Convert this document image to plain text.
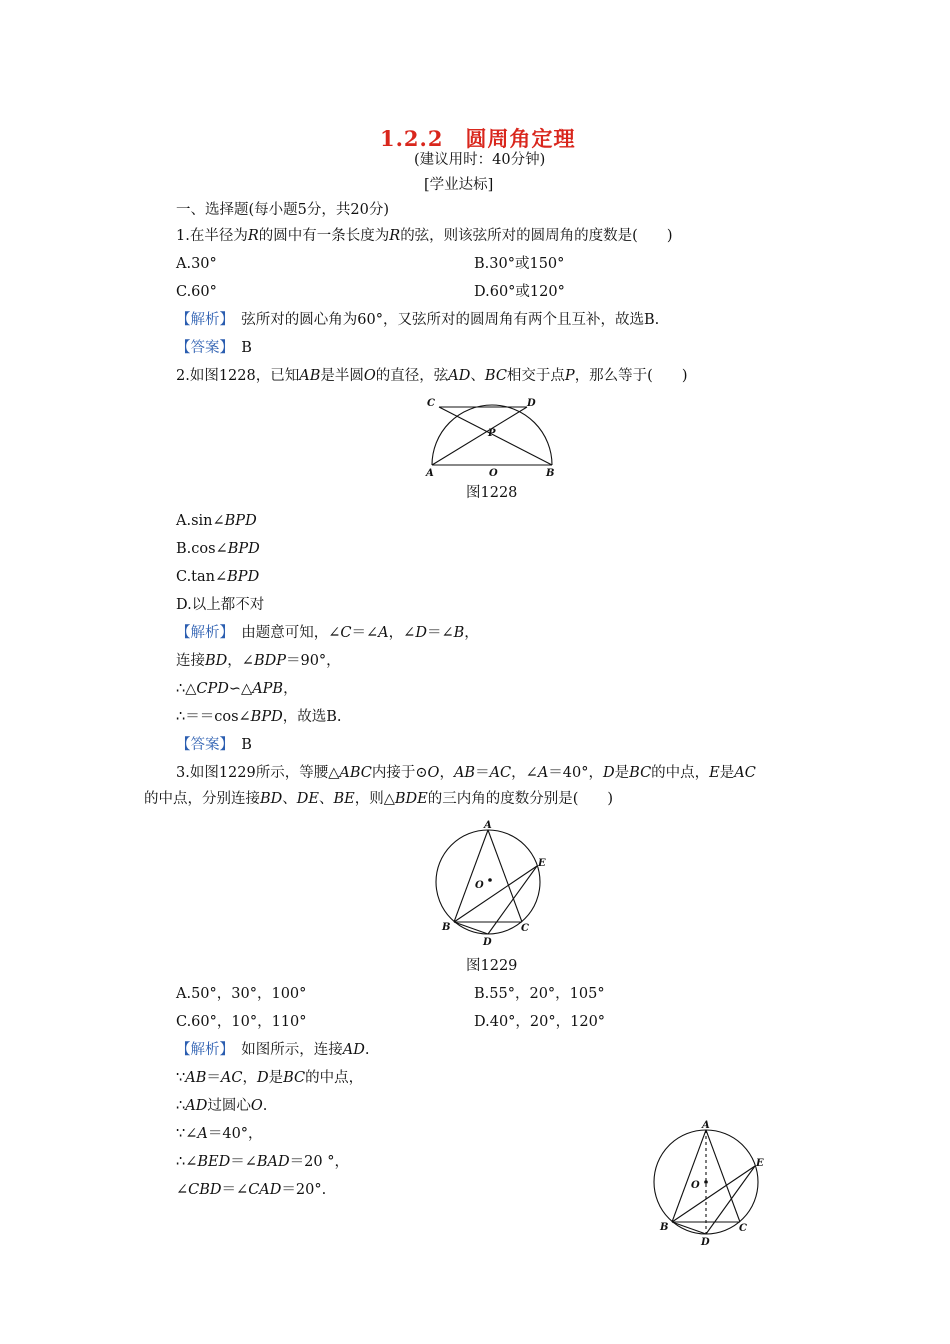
1.2.2　圆周角定理
(建议用时：40分钟)
[学业达标]
一、选择题(每小题5分，共20分)
1.在半径为R的圆中有一条长度为R的弦，则该弦所对的圆周角的度数是(　　)
A.30°	B.30°或150°
C.60°	D.60°或120°
【解析】　 弦所对的圆心角为60°，又弦所对的圆周角有两个且互补，故选B.
【答案】　 B
2.如图1228，已知AB是半圆O的直径，弦AD、BC相交于点P，那么等于(　　)
C	D
P
A	O	B
图1228
A.sin∠BPD
B.cos∠BPD
C.tan∠BPD
D.以上都不对
【解析】　 由题意可知，∠C＝∠A，∠D＝∠B，
连接BD，∠BDP＝90°，
∴△CPD∽△APB，
∴＝＝cos∠BPD，故选B.
【答案】　 B
3.如图1229所示，等腰△ABC内接于⊙O，AB＝AC，∠A＝40°，D是BC的中点，E是AC
的中点，分别连接BD、DE、BE，则△BDE的三内角的度数分别是(　　)
A
E
O
B	C
D
图1229
A.50°，30°，100°	B.55°，20°，105°
C.60°，10°，110°	D.40°，20°，120°
【解析】　 如图所示，连接AD.
∵AB＝AC，D是BC的中点，
∴AD过圆心O.
∵∠A＝40°，
∴∠BED＝∠BAD＝20 °，
∠CBD＝∠CAD＝20°.
A
E
O
B	C
D
